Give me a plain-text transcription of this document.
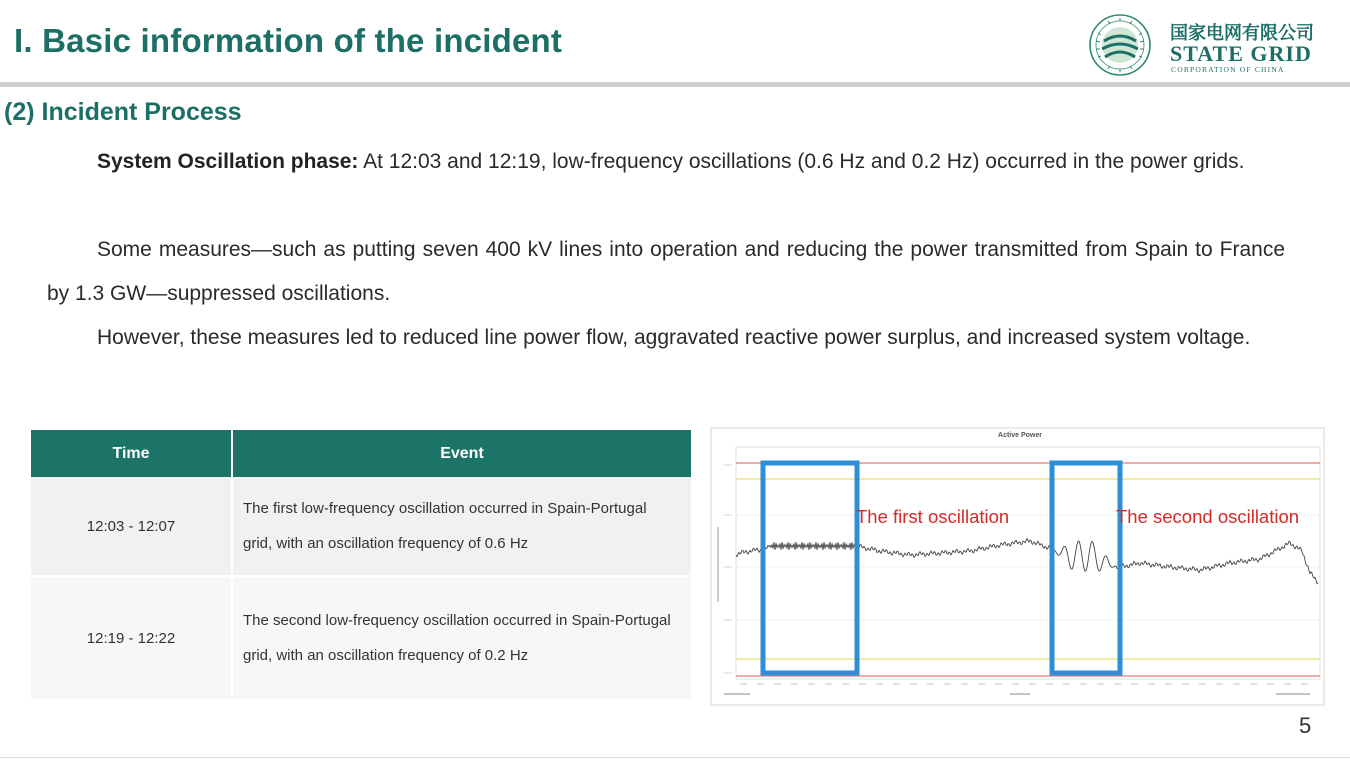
I. Basic information of the incident	国家电网有限公司
STATE GRID
CORPORATION OF CHINA
(2) Incident Process
System Oscillation phase: At 12:03 and 12:19, low-frequency oscillations (0.6 Hz and 0.2 Hz) occurred in the power grids.
Some measures—such as putting seven 400 kV lines into operation and reducing the power transmitted from Spain to France by 1.3 GW—suppressed oscillations.
However, these measures led to reduced line power flow, aggravated reactive power surplus, and increased system voltage.
Time	Event
12:03 - 12:07	The first low-frequency oscillation occurred in Spain-Portugal grid, with an oscillation frequency of 0.6 Hz
12:19 - 12:22	The second low-frequency oscillation occurred in Spain-Portugal grid, with an oscillation frequency of 0.2 Hz
Active Power
The first oscillation	The second oscillation
5
